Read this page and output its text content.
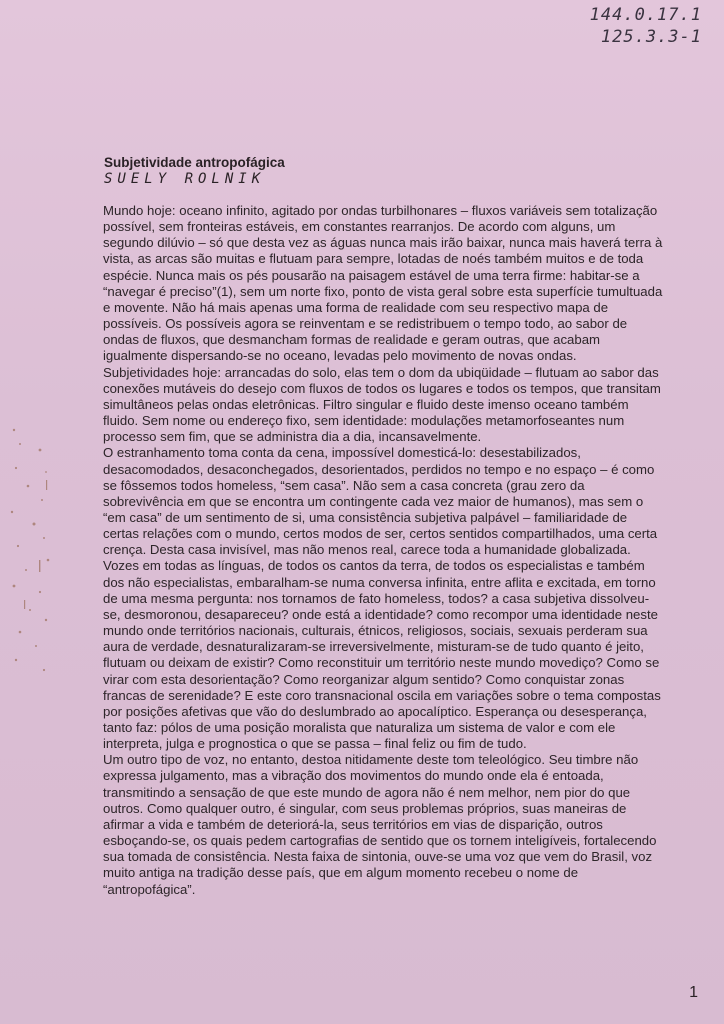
144.0.17.1
125.3.3-1
Subjetividade antropofágica
SUELY ROLNIK

Mundo hoje: oceano infinito, agitado por ondas turbilhonares – fluxos variáveis sem totalização possível, sem fronteiras estáveis, em constantes rearranjos. De acordo com alguns, um segundo dilúvio – só que desta vez as águas nunca mais irão baixar, nunca mais haverá terra à vista, as arcas são muitas e flutuam para sempre, lotadas de noés também muitos e de toda espécie. Nunca mais os pés pousarão na paisagem estável de uma terra firme: habitar-se a “navegar é preciso”(1), sem um norte fixo, ponto de vista geral sobre esta superfície tumultuada e movente. Não há mais apenas uma forma de realidade com seu respectivo mapa de possíveis. Os possíveis agora se reinventam e se redistribuem o tempo todo, ao sabor de ondas de fluxos, que desmancham formas de realidade e geram outras, que acabam igualmente dispersando-se no oceano, levadas pelo movimento de novas ondas.

Subjetividades hoje: arrancadas do solo, elas tem o dom da ubiqüidade – flutuam ao sabor das conexões mutáveis do desejo com fluxos de todos os lugares e todos os tempos, que transitam simultâneos pelas ondas eletrônicas. Filtro singular e fluido deste imenso oceano também fluido. Sem nome ou endereço fixo, sem identidade: modulações metamorfoseantes num processo sem fim, que se administra dia a dia, incansavelmente.

O estranhamento toma conta da cena, impossível domesticá-lo: desestabilizados, desacomodados, desaconchegados, desorientados, perdidos no tempo e no espaço – é como se fôssemos todos homeless, “sem casa”. Não sem a casa concreta (grau zero da sobrevivência em que se encontra um contingente cada vez maior de humanos), mas sem o “em casa” de um sentimento de si, uma consistência subjetiva palpável – familiaridade de certas relações com o mundo, certos modos de ser, certos sentidos compartilhados, uma certa crença. Desta casa invisível, mas não menos real, carece toda a humanidade globalizada.

Vozes em todas as línguas, de todos os cantos da terra, de todos os especialistas e também dos não especialistas, embaralham-se numa conversa infinita, entre aflita e excitada, em torno de uma mesma pergunta: nos tornamos de fato homeless, todos? a casa subjetiva dissolveu-se, desmoronou, desapareceu? onde está a identidade? como recompor uma identidade neste mundo onde territórios nacionais, culturais, étnicos, religiosos, sociais, sexuais perderam sua aura de verdade, desnaturalizaram-se irreversivelmente, misturam-se de tudo quanto é jeito, flutuam ou deixam de existir? Como reconstituir um território neste mundo movediço? Como se virar com esta desorientação? Como reorganizar algum sentido? Como conquistar zonas francas de serenidade? E este coro transnacional oscila em variações sobre o tema compostas por posições afetivas que vão do deslumbrado ao apocalíptico. Esperança ou desesperança, tanto faz: pólos de uma posição moralista que naturaliza um sistema de valor e com ele interpreta, julga e prognostica o que se passa – final feliz ou fim de tudo.

Um outro tipo de voz, no entanto, destoa nitidamente deste tom teleológico. Seu timbre não expressa julgamento, mas a vibração dos movimentos do mundo onde ela é entoada, transmitindo a sensação de que este mundo de agora não é nem melhor, nem pior do que outros. Como qualquer outro, é singular, com seus problemas próprios, suas maneiras de afirmar a vida e também de deteriorá-la, seus territórios em vias de disparição, outros esboçando-se, os quais pedem cartografias de sentido que os tornem inteligíveis, fortalecendo sua tomada de consistência. Nesta faixa de sintonia, ouve-se uma voz que vem do Brasil, voz muito antiga na tradição desse país, que em algum momento recebeu o nome de “antropofágica”.

1
